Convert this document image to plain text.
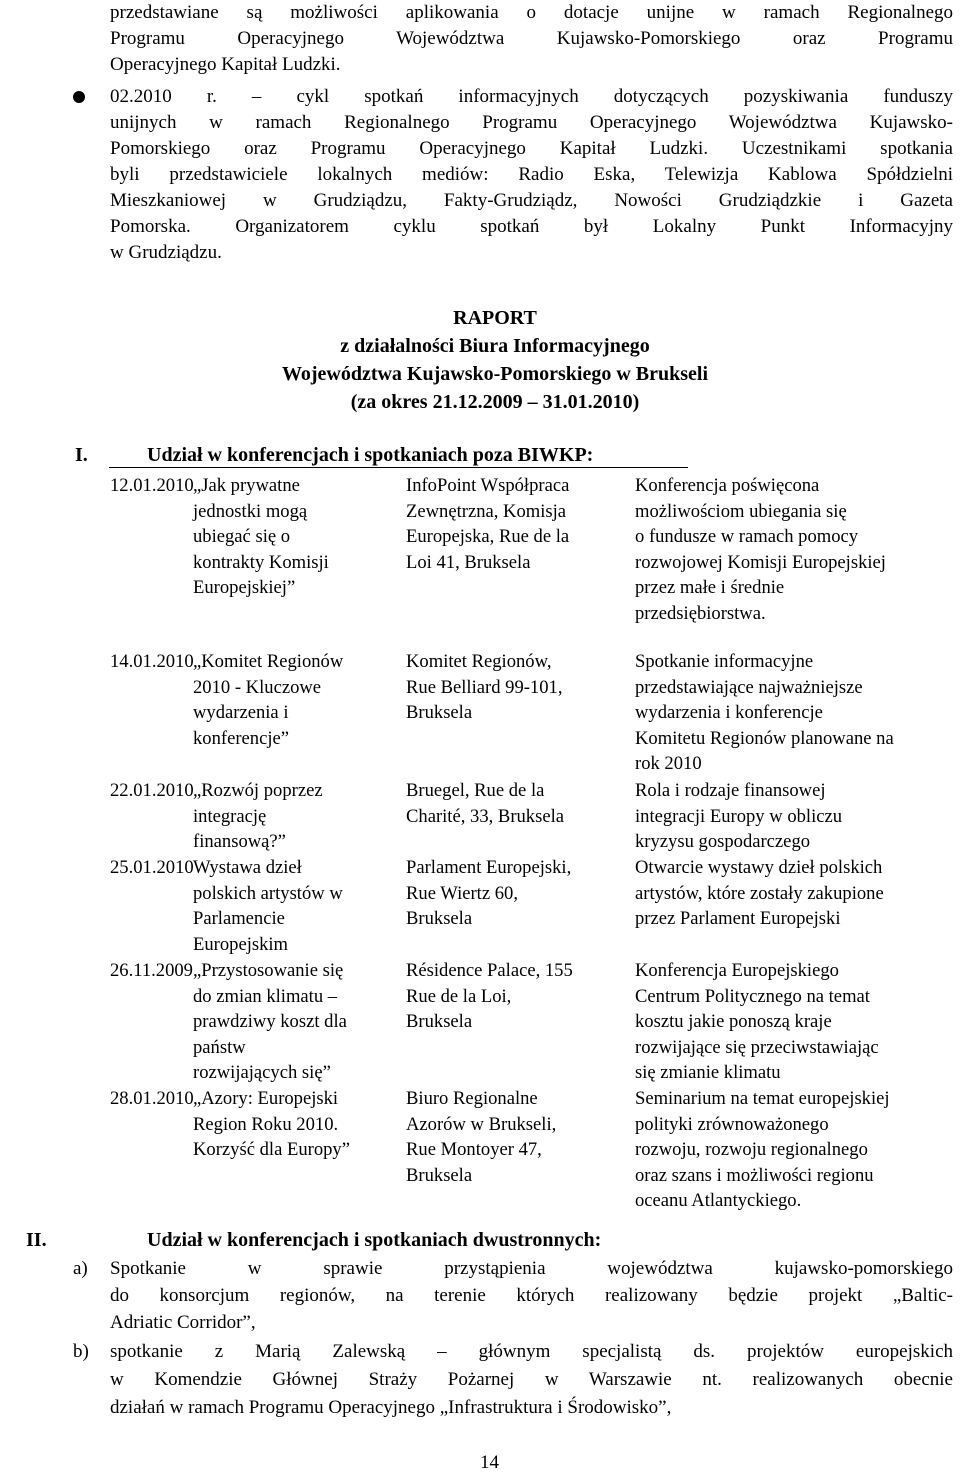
przedstawiane są możliwości aplikowania o dotacje unijne w ramach Regionalnego
Programu Operacyjnego Województwa Kujawsko-Pomorskiego oraz Programu
Operacyjnego Kapitał Ludzki.
02.2010 r. – cykl spotkań informacyjnych dotyczących pozyskiwania funduszy
unijnych w ramach Regionalnego Programu Operacyjnego Województwa Kujawsko-
Pomorskiego oraz Programu Operacyjnego Kapitał Ludzki. Uczestnikami spotkania
byli przedstawiciele lokalnych mediów: Radio Eska, Telewizja Kablowa Spółdzielni
Mieszkaniowej w Grudziądzu, Fakty-Grudziądz, Nowości Grudziądzkie i Gazeta
Pomorska. Organizatorem cyklu spotkań był Lokalny Punkt Informacyjny
w Grudziądzu.
RAPORT
z działalności Biura Informacyjnego
Województwa Kujawsko-Pomorskiego w Brukseli
(za okres 21.12.2009 – 31.01.2010)
I.	Udział w konferencjach i spotkaniach poza BIWKP:
12.01.2010 „Jak prywatne
jednostki mogą
ubiegać się o
kontrakty Komisji
Europejskiej”
InfoPoint Współpraca
Zewnętrzna, Komisja
Europejska, Rue de la
Loi 41, Bruksela
Konferencja poświęcona
możliwościom ubiegania się
o fundusze w ramach pomocy
rozwojowej Komisji Europejskiej
przez małe i średnie
przedsiębiorstwa.
14.01.2010 „Komitet Regionów
2010 - Kluczowe
wydarzenia i
konferencje”
Komitet Regionów,
Rue Belliard 99-101,
Bruksela
Spotkanie informacyjne
przedstawiające najważniejsze
wydarzenia i konferencje
Komitetu Regionów planowane na
rok 2010
22.01.2010 „Rozwój poprzez
integrację
finansową?”
Bruegel, Rue de la
Charité, 33, Bruksela
Rola i rodzaje finansowej
integracji Europy w obliczu
kryzysu gospodarczego
25.01.2010 Wystawa dzieł
polskich artystów w
Parlamencie
Europejskim
Parlament Europejski,
Rue Wiertz 60,
Bruksela
Otwarcie wystawy dzieł polskich
artystów, które zostały zakupione
przez Parlament Europejski
26.11.2009 „Przystosowanie się
do zmian klimatu –
prawdziwy koszt dla
państw
rozwijających się”
Résidence Palace, 155
Rue de la Loi,
Bruksela
Konferencja Europejskiego
Centrum Politycznego na temat
kosztu jakie ponoszą kraje
rozwijające się przeciwstawiając
się zmianie klimatu
28.01.2010 „Azory: Europejski
Region Roku 2010.
Korzyść dla Europy”
Biuro Regionalne
Azorów w Brukseli,
Rue Montoyer 47,
Bruksela
Seminarium na temat europejskiej
polityki zrównoważonego
rozwoju, rozwoju regionalnego
oraz szans i możliwości regionu
oceanu Atlantyckiego.
II.	Udział w konferencjach i spotkaniach dwustronnych:
a) Spotkanie w sprawie przystąpienia województwa kujawsko-pomorskiego
do konsorcjum regionów, na terenie których realizowany będzie projekt „Baltic-
Adriatic Corridor”,
b) spotkanie z Marią Zalewską – głównym specjalistą ds. projektów europejskich
w Komendzie Głównej Straży Pożarnej w Warszawie nt. realizowanych obecnie
działań w ramach Programu Operacyjnego „Infrastruktura i Środowisko”,
14
